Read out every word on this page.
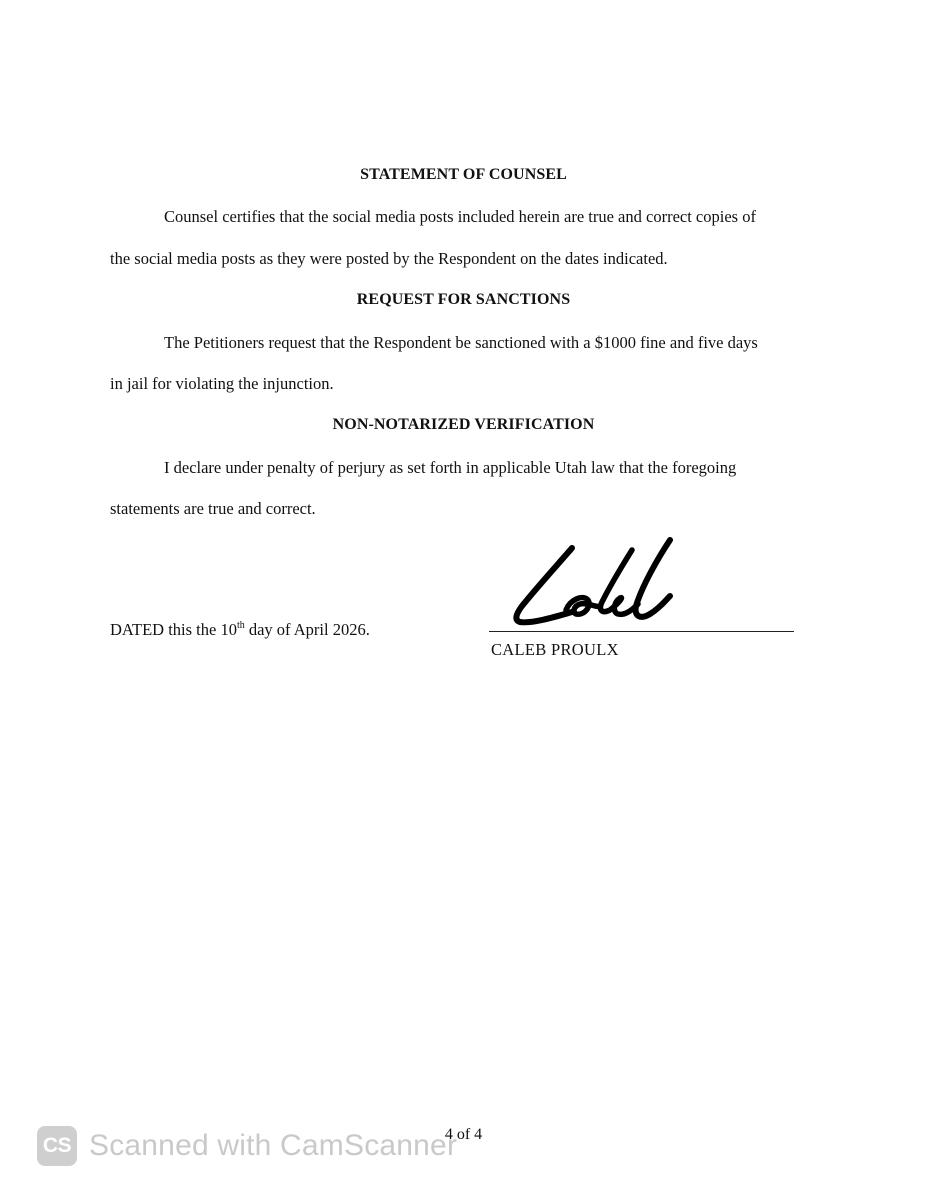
STATEMENT OF COUNSEL
Counsel certifies that the social media posts included herein are true and correct copies of
the social media posts as they were posted by the Respondent on the dates indicated.
REQUEST FOR SANCTIONS
The Petitioners request that the Respondent be sanctioned with a $1000 fine and five days
in jail for violating the injunction.
NON-NOTARIZED VERIFICATION
I declare under penalty of perjury as set forth in applicable Utah law that the foregoing
statements are true and correct.
DATED this the 10th day of April 2026.
CALEB PROULX
4 of 4
CS Scanned with CamScanner
